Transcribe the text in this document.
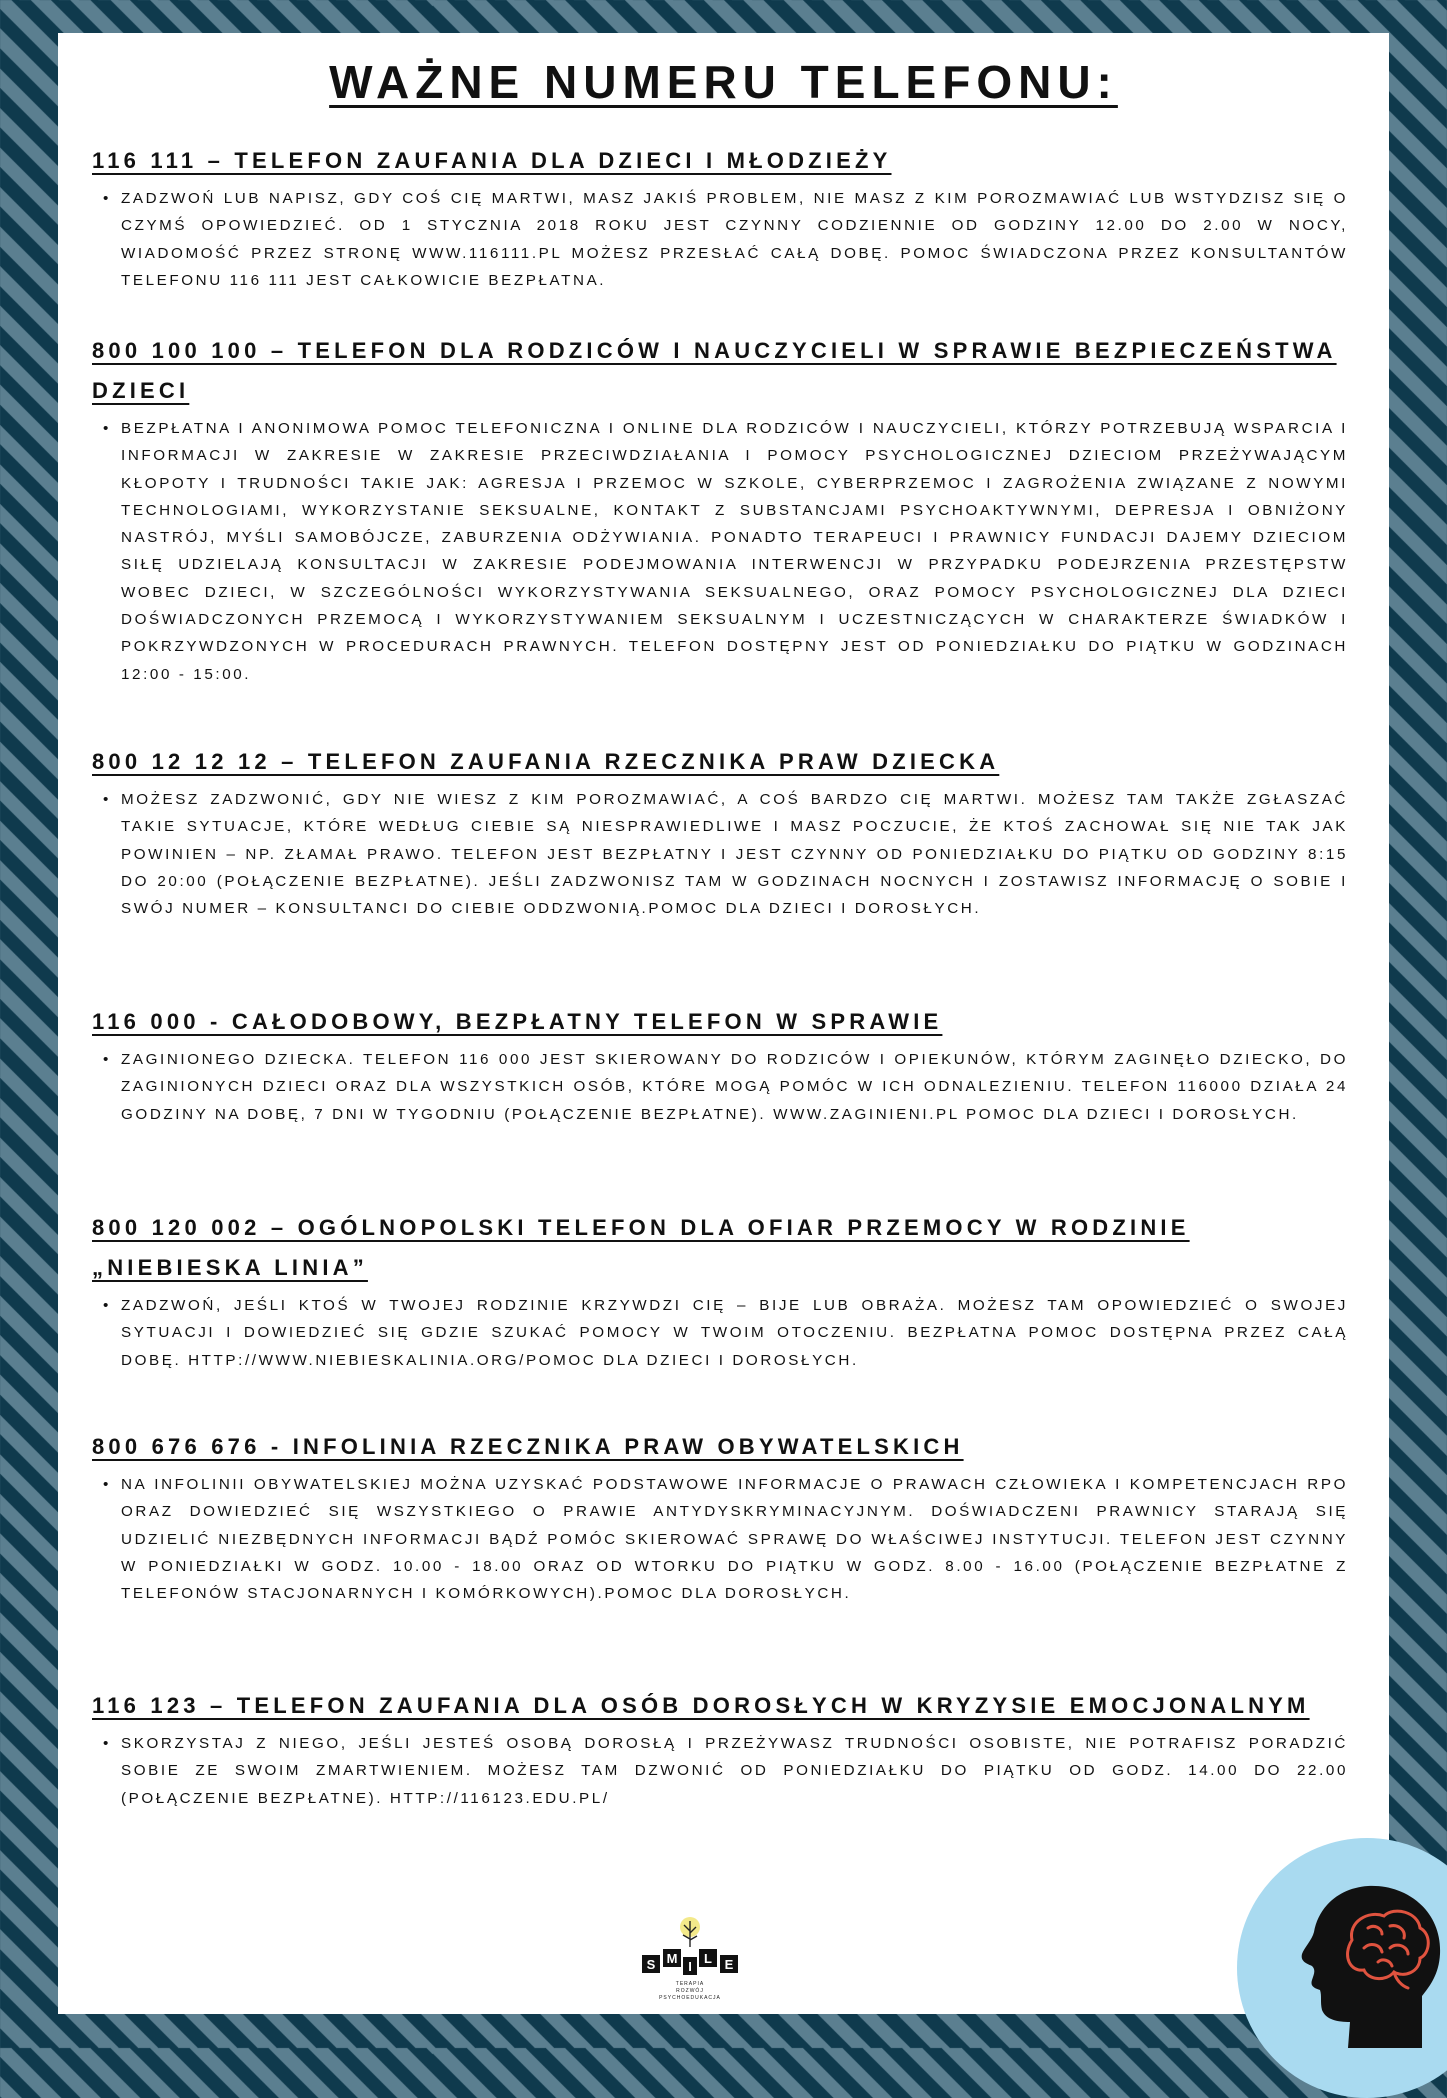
WAŻNE NUMERU TELEFONU:
116 111 – TELEFON ZAUFANIA DLA DZIECI I MŁODZIEŻY
• ZADZWOŃ LUB NAPISZ, GDY COŚ CIĘ MARTWI, MASZ JAKIŚ PROBLEM, NIE MASZ Z KIM POROZMAWIAĆ LUB WSTYDZISZ SIĘ O CZYMŚ OPOWIEDZIEĆ. OD 1 STYCZNIA 2018 ROKU JEST CZYNNY CODZIENNIE OD GODZINY 12.00 DO 2.00 W NOCY, WIADOMOŚĆ PRZEZ STRONĘ WWW.116111.PL MOŻESZ PRZESŁAĆ CAŁĄ DOBĘ. POMOC ŚWIADCZONA PRZEZ KONSULTANTÓW TELEFONU 116 111 JEST CAŁKOWICIE BEZPŁATNA.
800 100 100 – TELEFON DLA RODZICÓW I NAUCZYCIELI W SPRAWIE BEZPIECZEŃSTWA DZIECI
• BEZPŁATNA I ANONIMOWA POMOC TELEFONICZNA I ONLINE DLA RODZICÓW I NAUCZYCIELI, KTÓRZY POTRZEBUJĄ WSPARCIA I INFORMACJI W ZAKRESIE W ZAKRESIE PRZECIWDZIAŁANIA I POMOCY PSYCHOLOGICZNEJ DZIECIOM PRZEŻYWAJĄCYM KŁOPOTY I TRUDNOŚCI TAKIE JAK: AGRESJA I PRZEMOC W SZKOLE, CYBERPRZEMOC I ZAGROŻENIA ZWIĄZANE Z NOWYMI TECHNOLOGIAMI, WYKORZYSTANIE SEKSUALNE, KONTAKT Z SUBSTANCJAMI PSYCHOAKTYWNYMI, DEPRESJA I OBNIŻONY NASTRÓJ, MYŚLI SAMOBÓJCZE, ZABURZENIA ODŻYWIANIA. PONADTO TERAPEUCI I PRAWNICY FUNDACJI DAJEMY DZIECIOM SIŁĘ UDZIELAJĄ KONSULTACJI W ZAKRESIE PODEJMOWANIA INTERWENCJI W PRZYPADKU PODEJRZENIA PRZESTĘPSTW WOBEC DZIECI, W SZCZEGÓLNOŚCI WYKORZYSTYWANIA SEKSUALNEGO, ORAZ POMOCY PSYCHOLOGICZNEJ DLA DZIECI DOŚWIADCZONYCH PRZEMOCĄ I WYKORZYSTYWANIEM SEKSUALNYM I UCZESTNICZĄCYCH W CHARAKTERZE ŚWIADKÓW I POKRZYWDZONYCH W PROCEDURACH PRAWNYCH. TELEFON DOSTĘPNY JEST OD PONIEDZIAŁKU DO PIĄTKU W GODZINACH 12:00 - 15:00.
800 12 12 12 – TELEFON ZAUFANIA RZECZNIKA PRAW DZIECKA
• MOŻESZ ZADZWONIĆ, GDY NIE WIESZ Z KIM POROZMAWIAĆ, A COŚ BARDZO CIĘ MARTWI. MOŻESZ TAM TAKŻE ZGŁASZAĆ TAKIE SYTUACJE, KTÓRE WEDŁUG CIEBIE SĄ NIESPRAWIEDLIWE I MASZ POCZUCIE, ŻE KTOŚ ZACHOWAŁ SIĘ NIE TAK JAK POWINIEN – NP. ZŁAMAŁ PRAWO. TELEFON JEST BEZPŁATNY I JEST CZYNNY OD PONIEDZIAŁKU DO PIĄTKU OD GODZINY 8:15 DO 20:00 (POŁĄCZENIE BEZPŁATNE). JEŚLI ZADZWONISZ TAM W GODZINACH NOCNYCH I ZOSTAWISZ INFORMACJĘ O SOBIE I SWÓJ NUMER – KONSULTANCI DO CIEBIE ODDZWONIĄ.POMOC DLA DZIECI I DOROSŁYCH.
116 000 - CAŁODOBOWY, BEZPŁATNY TELEFON W SPRAWIE
• ZAGINIONEGO DZIECKA. TELEFON 116 000 JEST SKIEROWANY DO RODZICÓW I OPIEKUNÓW, KTÓRYM ZAGINĘŁO DZIECKO, DO ZAGINIONYCH DZIECI ORAZ DLA WSZYSTKICH OSÓB, KTÓRE MOGĄ POMÓC W ICH ODNALEZIENIU. TELEFON 116000 DZIAŁA 24 GODZINY NA DOBĘ, 7 DNI W TYGODNIU (POŁĄCZENIE BEZPŁATNE). WWW.ZAGINIENI.PL POMOC DLA DZIECI I DOROSŁYCH.
800 120 002 – OGÓLNOPOLSKI TELEFON DLA OFIAR PRZEMOCY W RODZINIE „NIEBIESKA LINIA”
• ZADZWOŃ, JEŚLI KTOŚ W TWOJEJ RODZINIE KRZYWDZI CIĘ – BIJE LUB OBRAŻA. MOŻESZ TAM OPOWIEDZIEĆ O SWOJEJ SYTUACJI I DOWIEDZIEĆ SIĘ GDZIE SZUKAĆ POMOCY W TWOIM OTOCZENIU. BEZPŁATNA POMOC DOSTĘPNA PRZEZ CAŁĄ DOBĘ. HTTP://WWW.NIEBIESKALINIA.ORG/POMOC DLA DZIECI I DOROSŁYCH.
800 676 676 - INFOLINIA RZECZNIKA PRAW OBYWATELSKICH
• NA INFOLINII OBYWATELSKIEJ MOŻNA UZYSKAĆ PODSTAWOWE INFORMACJE O PRAWACH CZŁOWIEKA I KOMPETENCJACH RPO ORAZ DOWIEDZIEĆ SIĘ WSZYSTKIEGO O PRAWIE ANTYDYSKRYMINACYJNYM. DOŚWIADCZENI PRAWNICY STARAJĄ SIĘ UDZIELIĆ NIEZBĘDNYCH INFORMACJI BĄDŹ POMÓC SKIEROWAĆ SPRAWĘ DO WŁAŚCIWEJ INSTYTUCJI. TELEFON JEST CZYNNY W PONIEDZIAŁKI W GODZ. 10.00 - 18.00 ORAZ OD WTORKU DO PIĄTKU W GODZ. 8.00 - 16.00 (POŁĄCZENIE BEZPŁATNE Z TELEFONÓW STACJONARNYCH I KOMÓRKOWYCH).POMOC DLA DOROSŁYCH.
116 123 – TELEFON ZAUFANIA DLA OSÓB DOROSŁYCH W KRYZYSIE EMOCJONALNYM
• SKORZYSTAJ Z NIEGO, JEŚLI JESTEŚ OSOBĄ DOROSŁĄ I PRZEŻYWASZ TRUDNOŚCI OSOBISTE, NIE POTRAFISZ PORADZIĆ SOBIE ZE SWOIM ZMARTWIENIEM. MOŻESZ TAM DZWONIĆ OD PONIEDZIAŁKU DO PIĄTKU OD GODZ. 14.00 DO 22.00 (POŁĄCZENIE BEZPŁATNE). HTTP://116123.EDU.PL/
S M
I
L E
TERAPIA
ROZWÓJ
PSYCHOEDUKACJA
